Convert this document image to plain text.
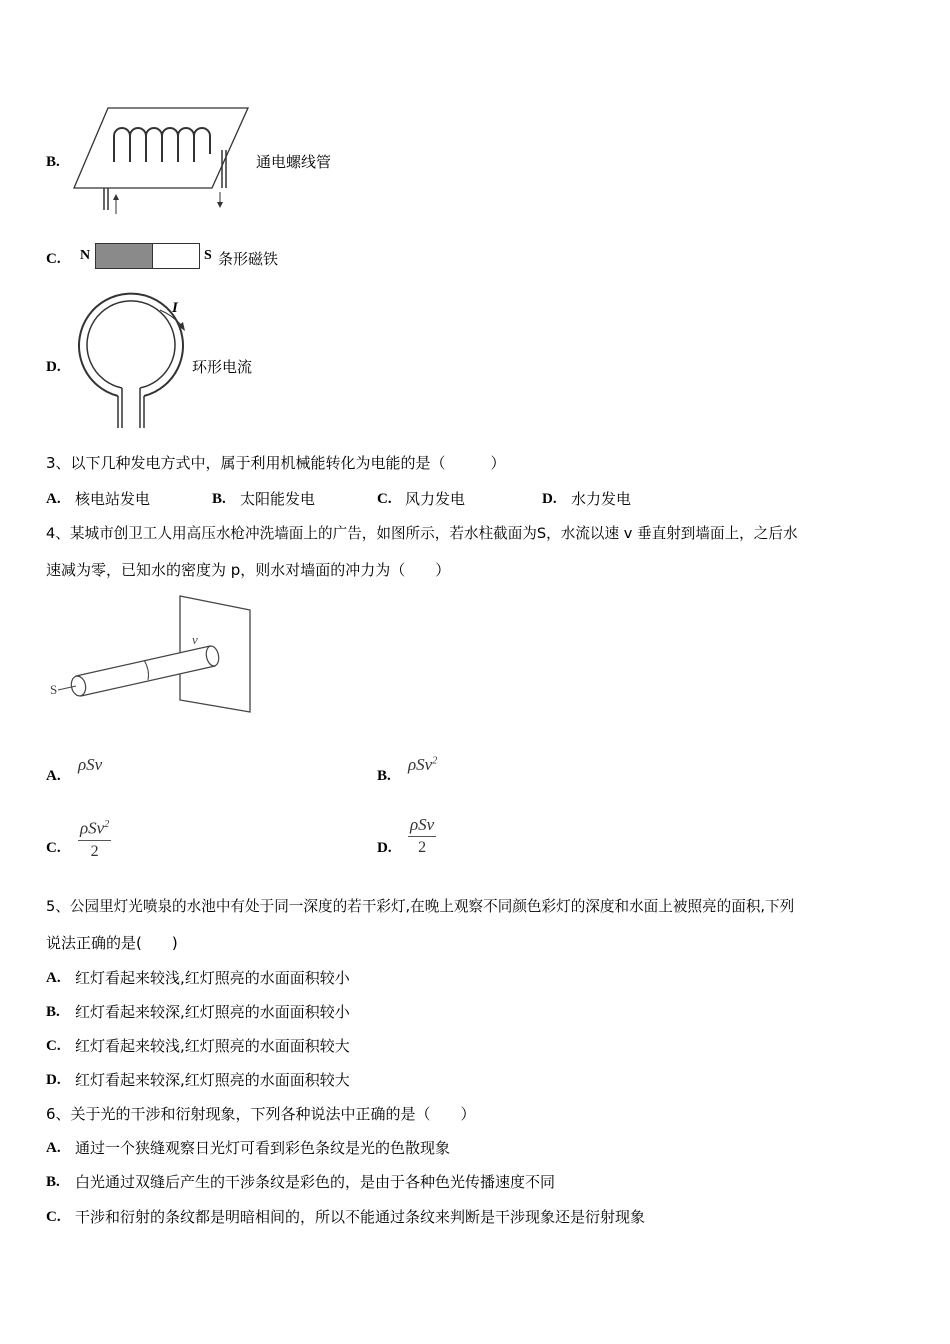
B.	通电螺线管
C. N	S 条形磁铁
D.
I
环形电流
3、以下几种发电方式中，属于利用机械能转化为电能的是（　　　）
A. 核电站发电	B. 太阳能发电	C. 风力发电	D. 水力发电
4、某城市创卫工人用高压水枪冲洗墙面上的广告，如图所示，若水柱截面为S，水流以速 v 垂直射到墙面上，之后水
速减为零，已知水的密度为 p，则水对墙面的冲力为（　　）
S
v
A.
ρSv
B.
ρSv$^2$
C.
ρSv$^2$
2	D.
ρSv
2
5、公园里灯光喷泉的水池中有处于同一深度的若干彩灯,在晚上观察不同颜色彩灯的深度和水面上被照亮的面积,下列
说法正确的是(　　)
A. 红灯看起来较浅,红灯照亮的水面面积较小
B. 红灯看起来较深,红灯照亮的水面面积较小
C. 红灯看起来较浅,红灯照亮的水面面积较大
D. 红灯看起来较深,红灯照亮的水面面积较大
6、关于光的干涉和衍射现象，下列各种说法中正确的是（　　）
A. 通过一个狭缝观察日光灯可看到彩色条纹是光的色散现象
B. 白光通过双缝后产生的干涉条纹是彩色的，是由于各种色光传播速度不同
C. 干涉和衍射的条纹都是明暗相间的，所以不能通过条纹来判断是干涉现象还是衍射现象
